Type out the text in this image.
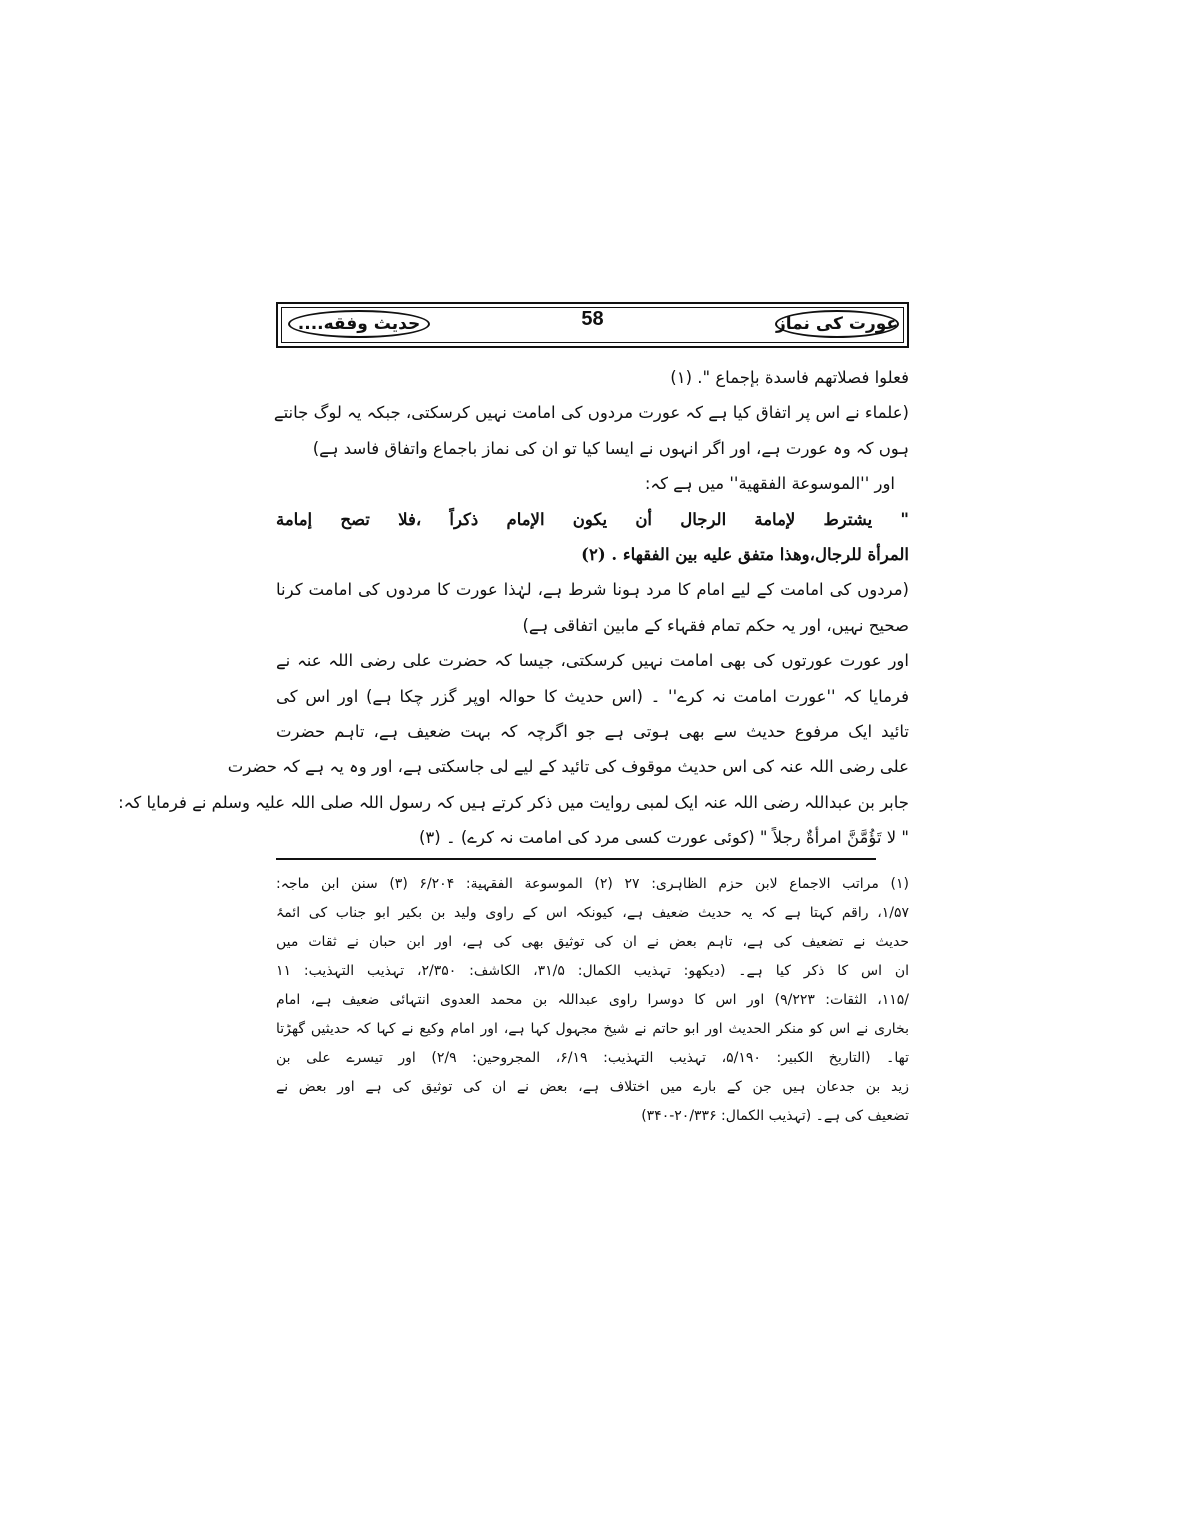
عورت کی نماز
58
حدیث وفقه....
فعلوا فصلاتهم فاسدة بإجماع ". (۱)
(علماء نے اس پر اتفاق کیا ہے کہ عورت مردوں کی امامت نہیں کرسکتی، جبکہ یہ لوگ جانتے
ہوں کہ وہ عورت ہے، اور اگر انہوں نے ایسا کیا تو ان کی نماز باجماع واتفاق فاسد ہے)
اور ''الموسوعة الفقهية'' میں ہے کہ:
" يشترط لإمامة الرجال أن يكون الإمام ذكراً ،فلا تصح إمامة
المرأة للرجال،وهذا متفق عليه بين الفقهاء . (۲)
(مردوں کی امامت کے لیے امام کا مرد ہونا شرط ہے، لہٰذا عورت کا مردوں کی امامت کرنا
صحیح نہیں، اور یہ حکم تمام فقہاء کے مابین اتفاقی ہے)
اور عورت عورتوں کی بھی امامت نہیں کرسکتی، جیسا کہ حضرت علی رضی اللہ عنہ نے
فرمایا کہ ''عورت امامت نہ کرے'' ۔ (اس حدیث کا حوالہ اوپر گزر چکا ہے) اور اس کی
تائید ایک مرفوع حدیث سے بھی ہوتی ہے جو اگرچہ کہ بہت ضعیف ہے، تاہم حضرت
علی رضی اللہ عنہ کی اس حدیث موقوف کی تائید کے لیے لی جاسکتی ہے، اور وہ یہ ہے کہ حضرت
جابر بن عبداللہ رضی اللہ عنہ ایک لمبی روایت میں ذکر کرتے ہیں کہ رسول اللہ صلی اللہ علیہ وسلم نے فرمایا کہ:
" لا تَؤُمَّنَّ امرأةٌ رجلاً " (کوئی عورت کسی مرد کی امامت نہ کرے) ۔ (۳)
(۱) مراتب الاجماع لابن حزم الظاہری: ۲۷ (۲) الموسوعة الفقہیة: ۶/۲۰۴ (۳) سنن ابن ماجہ:
۱/۵۷، راقم کہتا ہے کہ یہ حدیث ضعیف ہے، کیونکہ اس کے راوی ولید بن بکیر ابو جناب کی ائمۂ
حدیث نے تضعیف کی ہے، تاہم بعض نے ان کی توثیق بھی کی ہے، اور ابن حبان نے ثقات میں
ان اس کا ذکر کیا ہے۔ (دیکھو: تہذیب الکمال: ۳۱/۵، الکاشف: ۲/۳۵۰، تہذیب التہذیب: ۱۱
/۱۱۵، الثقات: ۹/۲۲۳) اور اس کا دوسرا راوی عبداللہ بن محمد العدوی انتہائی ضعیف ہے، امام
بخاری نے اس کو منکر الحدیث اور ابو حاتم نے شیخ مجہول کہا ہے، اور امام وکیع نے کہا کہ حدیثیں گھڑتا
تھا۔ (التاریخ الکبیر: ۵/۱۹۰، تہذیب التہذیب: ۶/۱۹، المجروحین: ۲/۹) اور تیسرے علی بن
زید بن جدعان ہیں جن کے بارے میں اختلاف ہے، بعض نے ان کی توثیق کی ہے اور بعض نے
تضعیف کی ہے۔ (تہذیب الکمال: ۲۰/۳۳۶-۳۴۰)
